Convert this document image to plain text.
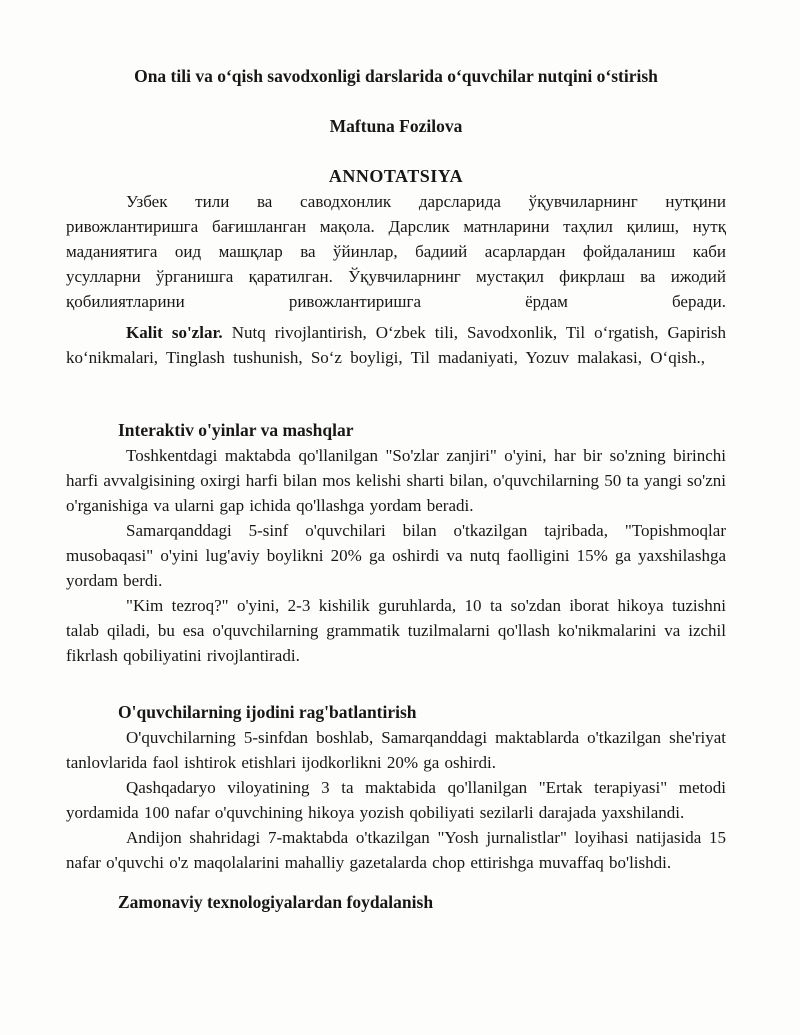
Ona tili va o‘qish savodxonligi darslarida o‘quvchilar nutqini o‘stirish

Maftuna Fozilova

ANNOTATSIYA

Узбек тили ва саводхонлик дарсларида ўқувчиларнинг нутқини ривожлантиришга бағишланган мақола. Дарслик матнларини таҳлил қилиш, нутқ маданиятига оид машқлар ва ўйинлар, бадиий асарлардан фойдаланиш каби усулларни ўрганишга қаратилган. Ўқувчиларнинг мустақил фикрлаш ва ижодий қобилиятларини ривожлантиришга ёрдам беради.

Kalit so'zlar. Nutq rivojlantirish, O‘zbek tili, Savodxonlik, Til o‘rgatish, Gapirish ko‘nikmalari, Tinglash tushunish, So‘z boyligi, Til madaniyati, Yozuv malakasi, O‘qish.,

Interaktiv o'yinlar va mashqlar

Toshkentdagi maktabda qo'llanilgan "So'zlar zanjiri" o'yini, har bir so'zning birinchi harfi avvalgisining oxirgi harfi bilan mos kelishi sharti bilan, o'quvchilarning 50 ta yangi so'zni o'rganishiga va ularni gap ichida qo'llashga yordam beradi.

Samarqanddagi 5-sinf o'quvchilari bilan o'tkazilgan tajribada, "Topishmoqlar musobaqasi" o'yini lug'aviy boylikni 20% ga oshirdi va nutq faolligini 15% ga yaxshilashga yordam berdi.

"Kim tezroq?" o'yini, 2-3 kishilik guruhlarda, 10 ta so'zdan iborat hikoya tuzishni talab qiladi, bu esa o'quvchilarning grammatik tuzilmalarni qo'llash ko'nikmalarini va izchil fikrlash qobiliyatini rivojlantiradi.

O'quvchilarning ijodini rag'batlantirish

O'quvchilarning 5-sinfdan boshlab, Samarqanddagi maktablarda o'tkazilgan she'riyat tanlovlarida faol ishtirok etishlari ijodkorlikni 20% ga oshirdi.

Qashqadaryo viloyatining 3 ta maktabida qo'llanilgan "Ertak terapiyasi" metodi yordamida 100 nafar o'quvchining hikoya yozish qobiliyati sezilarli darajada yaxshilandi.

Andijon shahridagi 7-maktabda o'tkazilgan "Yosh jurnalistlar" loyihasi natijasida 15 nafar o'quvchi o'z maqolalarini mahalliy gazetalarda chop ettirishga muvaffaq bo'lishdi.

Zamonaviy texnologiyalardan foydalanish
